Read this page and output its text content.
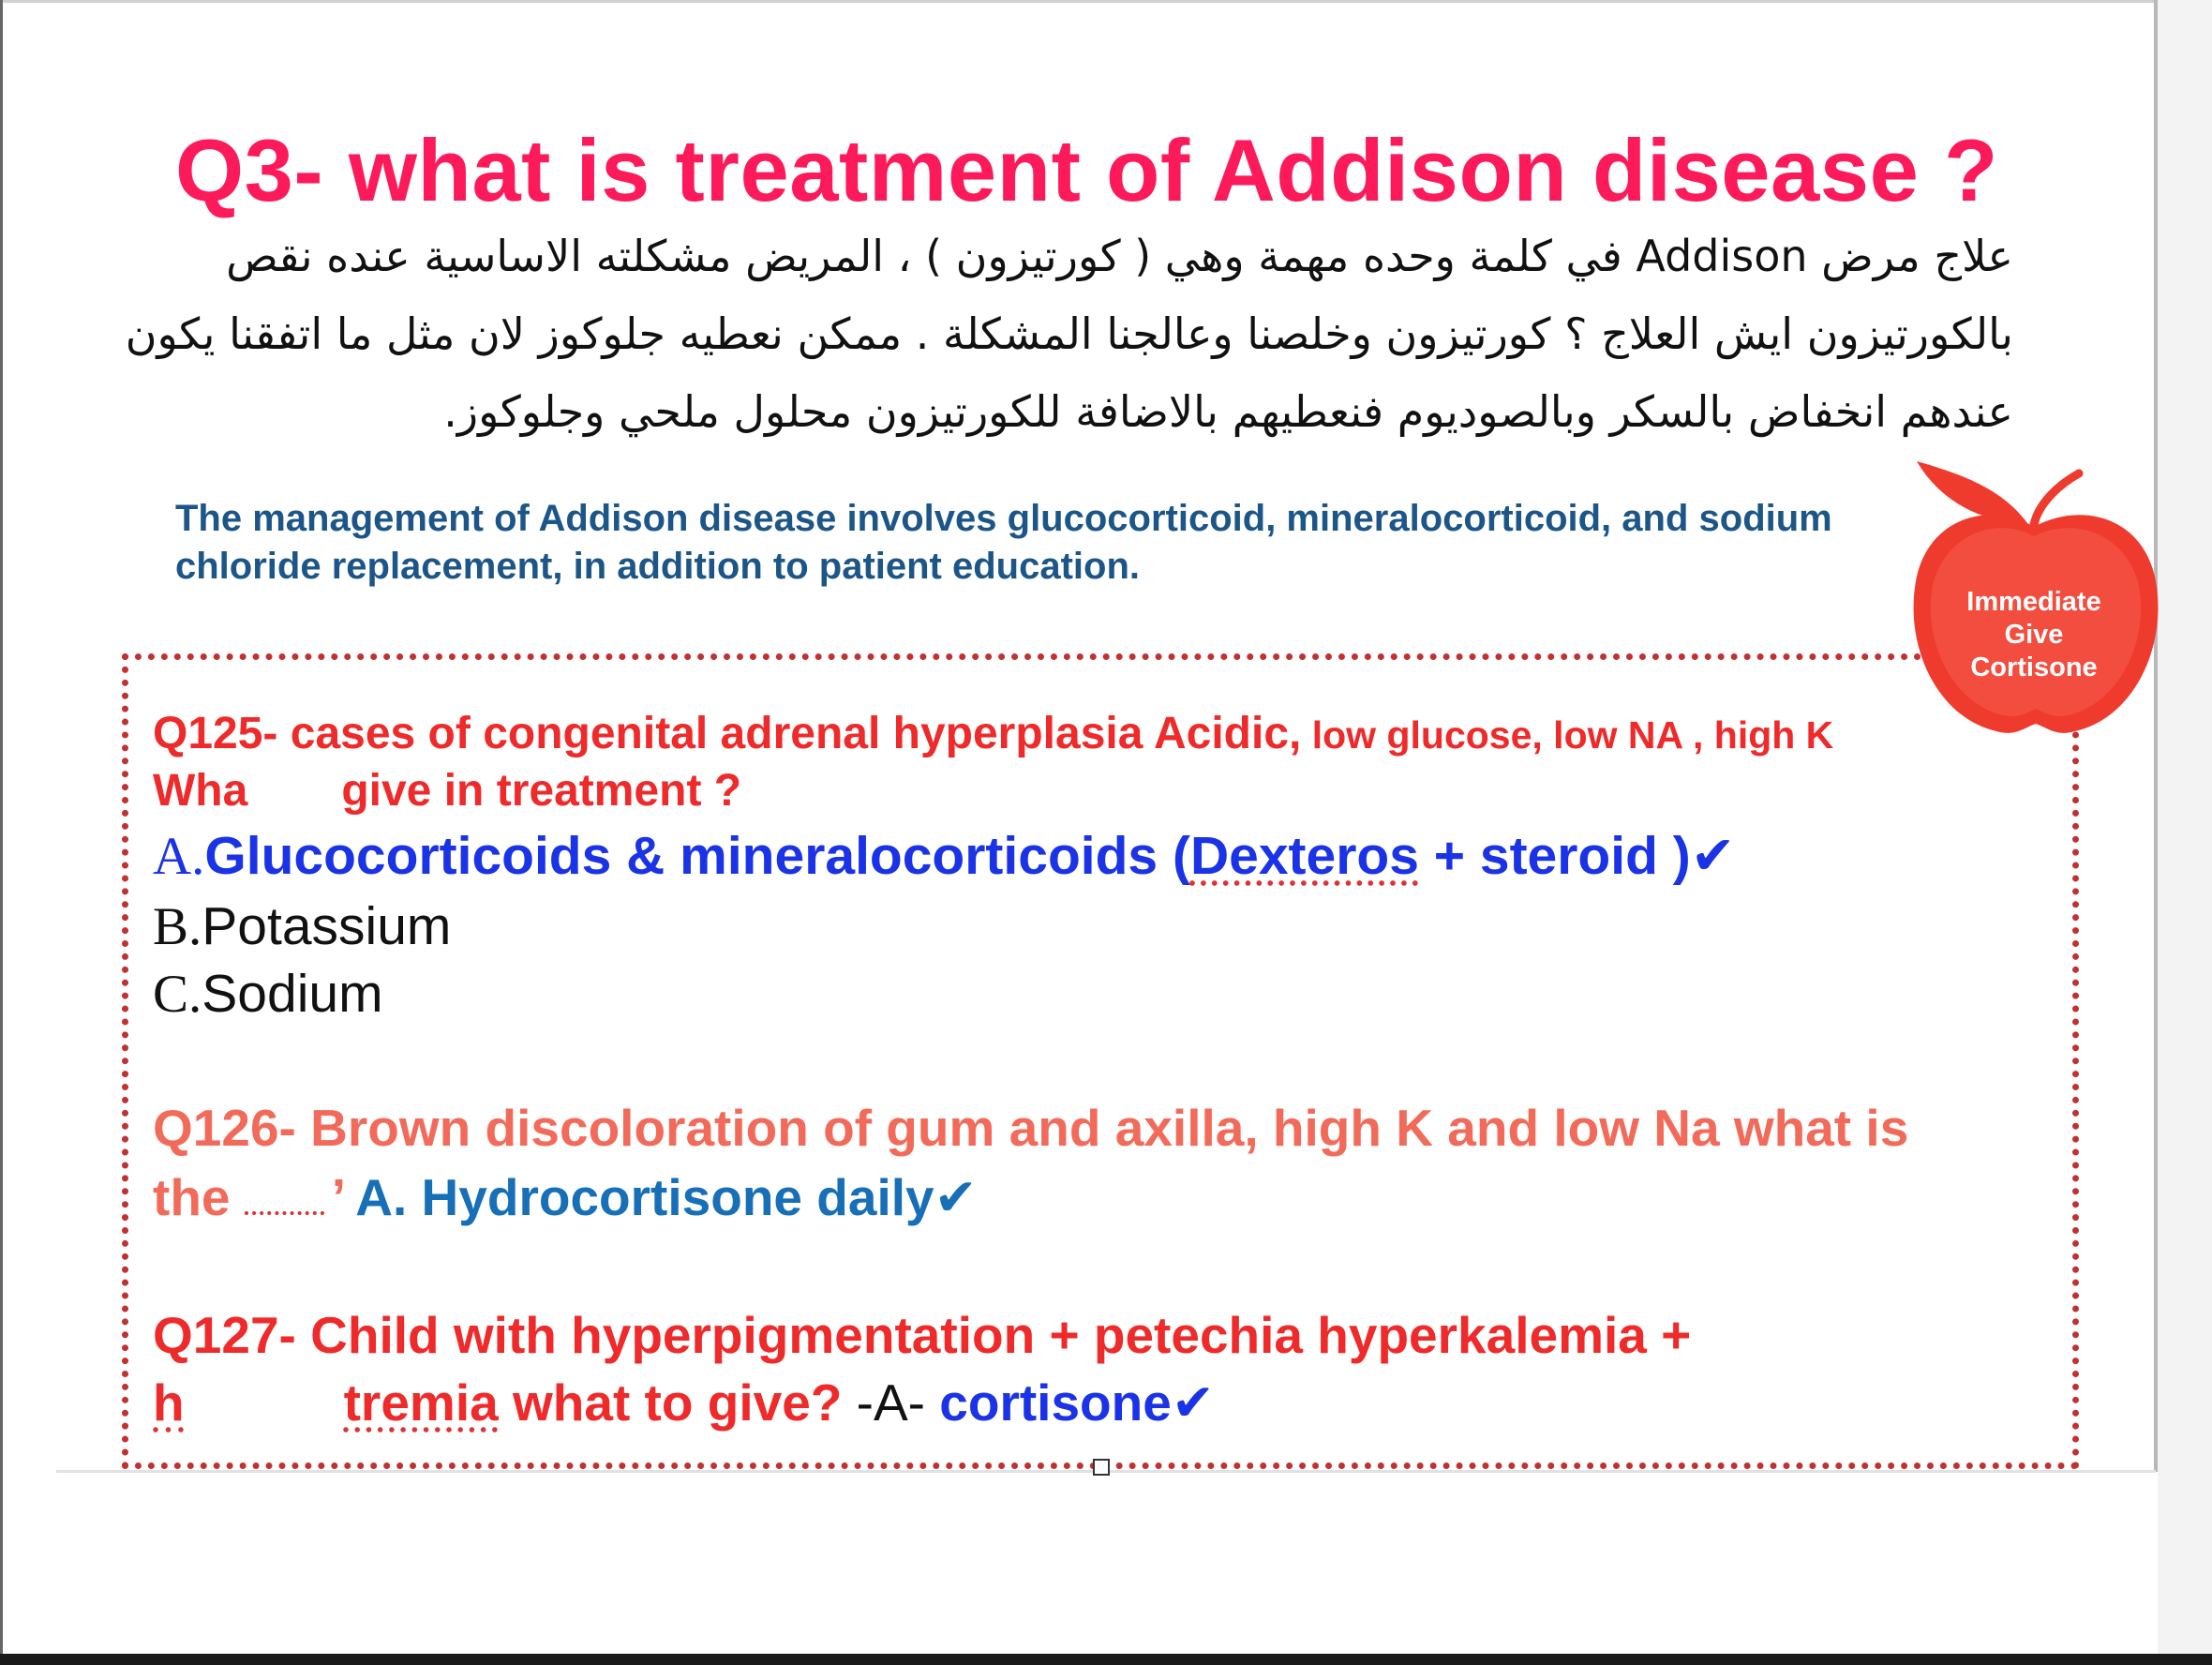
Q3- what is treatment of Addison disease ?
علاج مرض Addison في كلمة وحده مهمة وهي ( كورتيزون ) ، المريض مشكلته الاساسية عنده نقص
بالكورتيزون ايش العلاج ؟ كورتيزون وخلصنا وعالجنا المشكلة . ممكن نعطيه جلوكوز لان مثل ما اتفقنا يكون
عندهم انخفاض بالسكر وبالصوديوم فنعطيهم بالاضافة للكورتيزون محلول ملحي وجلوكوز.
The management of Addison disease involves glucocorticoid, mineralocorticoid, and sodium
chloride replacement, in addition to patient education.
Q125- cases of congenital adrenal hyperplasia Acidic, low glucose, low NA , high K
Wha give in treatment ?
A.Glucocorticoids & mineralocorticoids (Dexteros + steroid )✔
B.Potassium
C.Sodium
Q126- Brown discoloration of gum and axilla, high K and low Na what is
the ’ A. Hydrocortisone daily✔
Q127- Child with hyperpigmentation + petechia hyperkalemia +
h	tremia what to give? -A- cortisone✔
Immediate
Give
Cortisone
